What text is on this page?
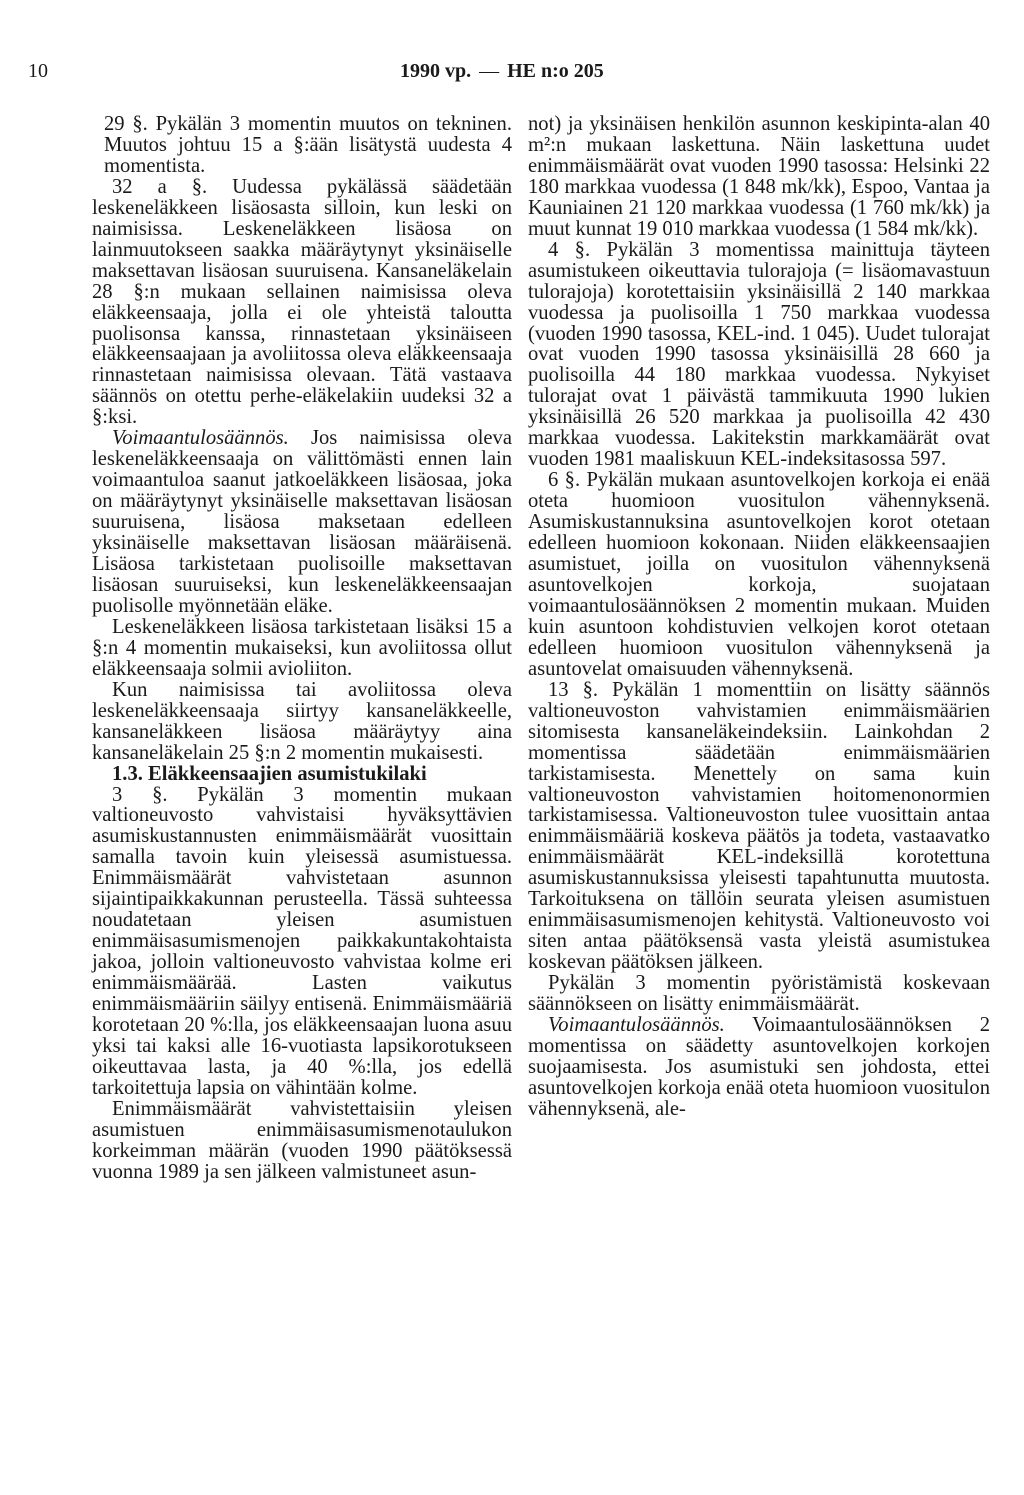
10	1990 vp. — HE n:o 205

29 §. Pykälän 3 momentin muutos on tekninen. Muutos johtuu 15 a §:ään lisätystä uudesta 4 momentista.

32 a §. Uudessa pykälässä säädetään leskeneläkkeen lisäosasta silloin, kun leski on naimisissa. Leskeneläkkeen lisäosa on lainmuutokseen saakka määräytynyt yksinäiselle maksettavan lisäosan suuruisena. Kansaneläkelain 28 §:n mukaan sellainen naimisissa oleva eläkkeensaaja, jolla ei ole yhteistä taloutta puolisonsa kanssa, rinnastetaan yksinäiseen eläkkeensaajaan ja avoliitossa oleva eläkkeensaaja rinnastetaan naimisissa olevaan. Tätä vastaava säännös on otettu perhe-eläkelakiin uudeksi 32 a §:ksi.

Voimaantulosäännös. Jos naimisissa oleva leskeneläkkeensaaja on välittömästi ennen lain voimaantuloa saanut jatkoeläkkeen lisäosaa, joka on määräytynyt yksinäiselle maksettavan lisäosan suuruisena, lisäosa maksetaan edelleen yksinäiselle maksettavan lisäosan määräisenä. Lisäosa tarkistetaan puolisoille maksettavan lisäosan suuruiseksi, kun leskeneläkkeensaajan puolisolle myönnetään eläke.

Leskeneläkkeen lisäosa tarkistetaan lisäksi 15 a §:n 4 momentin mukaiseksi, kun avoliitossa ollut eläkkeensaaja solmii avioliiton.

Kun naimisissa tai avoliitossa oleva leskeneläkkeensaaja siirtyy kansaneläkkeelle, kansaneläkkeen lisäosa määräytyy aina kansaneläkelain 25 §:n 2 momentin mukaisesti.

1.3. Eläkkeensaajien asumistukilaki

3 §. Pykälän 3 momentin mukaan valtioneuvosto vahvistaisi hyväksyttävien asumiskustannusten enimmäismäärät vuosittain samalla tavoin kuin yleisessä asumistuessa. Enimmäismäärät vahvistetaan asunnon sijaintipaikkakunnan perusteella. Tässä suhteessa noudatetaan yleisen asumistuen enimmäisasumismenojen paikkakuntakohtaista jakoa, jolloin valtioneuvosto vahvistaa kolme eri enimmäismäärää. Lasten vaikutus enimmäismääriin säilyy entisenä. Enimmäismääriä korotetaan 20 %:lla, jos eläkkeensaajan luona asuu yksi tai kaksi alle 16-vuotiasta lapsikorotukseen oikeuttavaa lasta, ja 40 %:lla, jos edellä tarkoitettuja lapsia on vähintään kolme.

Enimmäismäärät vahvistettaisiin yleisen asumistuen enimmäisasumismenotaulukon korkeimman määrän (vuoden 1990 päätöksessä vuonna 1989 ja sen jälkeen valmistuneet asun-

not) ja yksinäisen henkilön asunnon keskipinta-alan 40 m²:n mukaan laskettuna. Näin laskettuna uudet enimmäismäärät ovat vuoden 1990 tasossa: Helsinki 22 180 markkaa vuodessa (1 848 mk/kk), Espoo, Vantaa ja Kauniainen 21 120 markkaa vuodessa (1 760 mk/kk) ja muut kunnat 19 010 markkaa vuodessa (1 584 mk/kk).

4 §. Pykälän 3 momentissa mainittuja täyteen asumistukeen oikeuttavia tulorajoja (= lisäomavastuun tulorajoja) korotettaisiin yksinäisillä 2 140 markkaa vuodessa ja puolisoilla 1 750 markkaa vuodessa (vuoden 1990 tasossa, KEL-ind. 1 045). Uudet tulorajat ovat vuoden 1990 tasossa yksinäisillä 28 660 ja puolisoilla 44 180 markkaa vuodessa. Nykyiset tulorajat ovat 1 päivästä tammikuuta 1990 lukien yksinäisillä 26 520 markkaa ja puolisoilla 42 430 markkaa vuodessa. Lakitekstin markkamäärät ovat vuoden 1981 maaliskuun KEL-indeksitasossa 597.

6 §. Pykälän mukaan asuntovelkojen korkoja ei enää oteta huomioon vuositulon vähennyksenä. Asumiskustannuksina asuntovelkojen korot otetaan edelleen huomioon kokonaan. Niiden eläkkeensaajien asumistuet, joilla on vuositulon vähennyksenä asuntovelkojen korkoja, suojataan voimaantulosäännöksen 2 momentin mukaan. Muiden kuin asuntoon kohdistuvien velkojen korot otetaan edelleen huomioon vuositulon vähennyksenä ja asuntovelat omaisuuden vähennyksenä.

13 §. Pykälän 1 momenttiin on lisätty säännös valtioneuvoston vahvistamien enimmäismäärien sitomisesta kansaneläkeindeksiin. Lainkohdan 2 momentissa säädetään enimmäismäärien tarkistamisesta. Menettely on sama kuin valtioneuvoston vahvistamien hoitomenonormien tarkistamisessa. Valtioneuvoston tulee vuosittain antaa enimmäismääriä koskeva päätös ja todeta, vastaavatko enimmäismäärät KEL-indeksillä korotettuna asumiskustannuksissa yleisesti tapahtunutta muutosta. Tarkoituksena on tällöin seurata yleisen asumistuen enimmäisasumismenojen kehitystä. Valtioneuvosto voi siten antaa päätöksensä vasta yleistä asumistukea koskevan päätöksen jälkeen.

Pykälän 3 momentin pyöristämistä koskevaan säännökseen on lisätty enimmäismäärät.

Voimaantulosäännös. Voimaantulosäännöksen 2 momentissa on säädetty asuntovelkojen korkojen suojaamisesta. Jos asumistuki sen johdosta, ettei asuntovelkojen korkoja enää oteta huomioon vuositulon vähennyksenä, ale-
